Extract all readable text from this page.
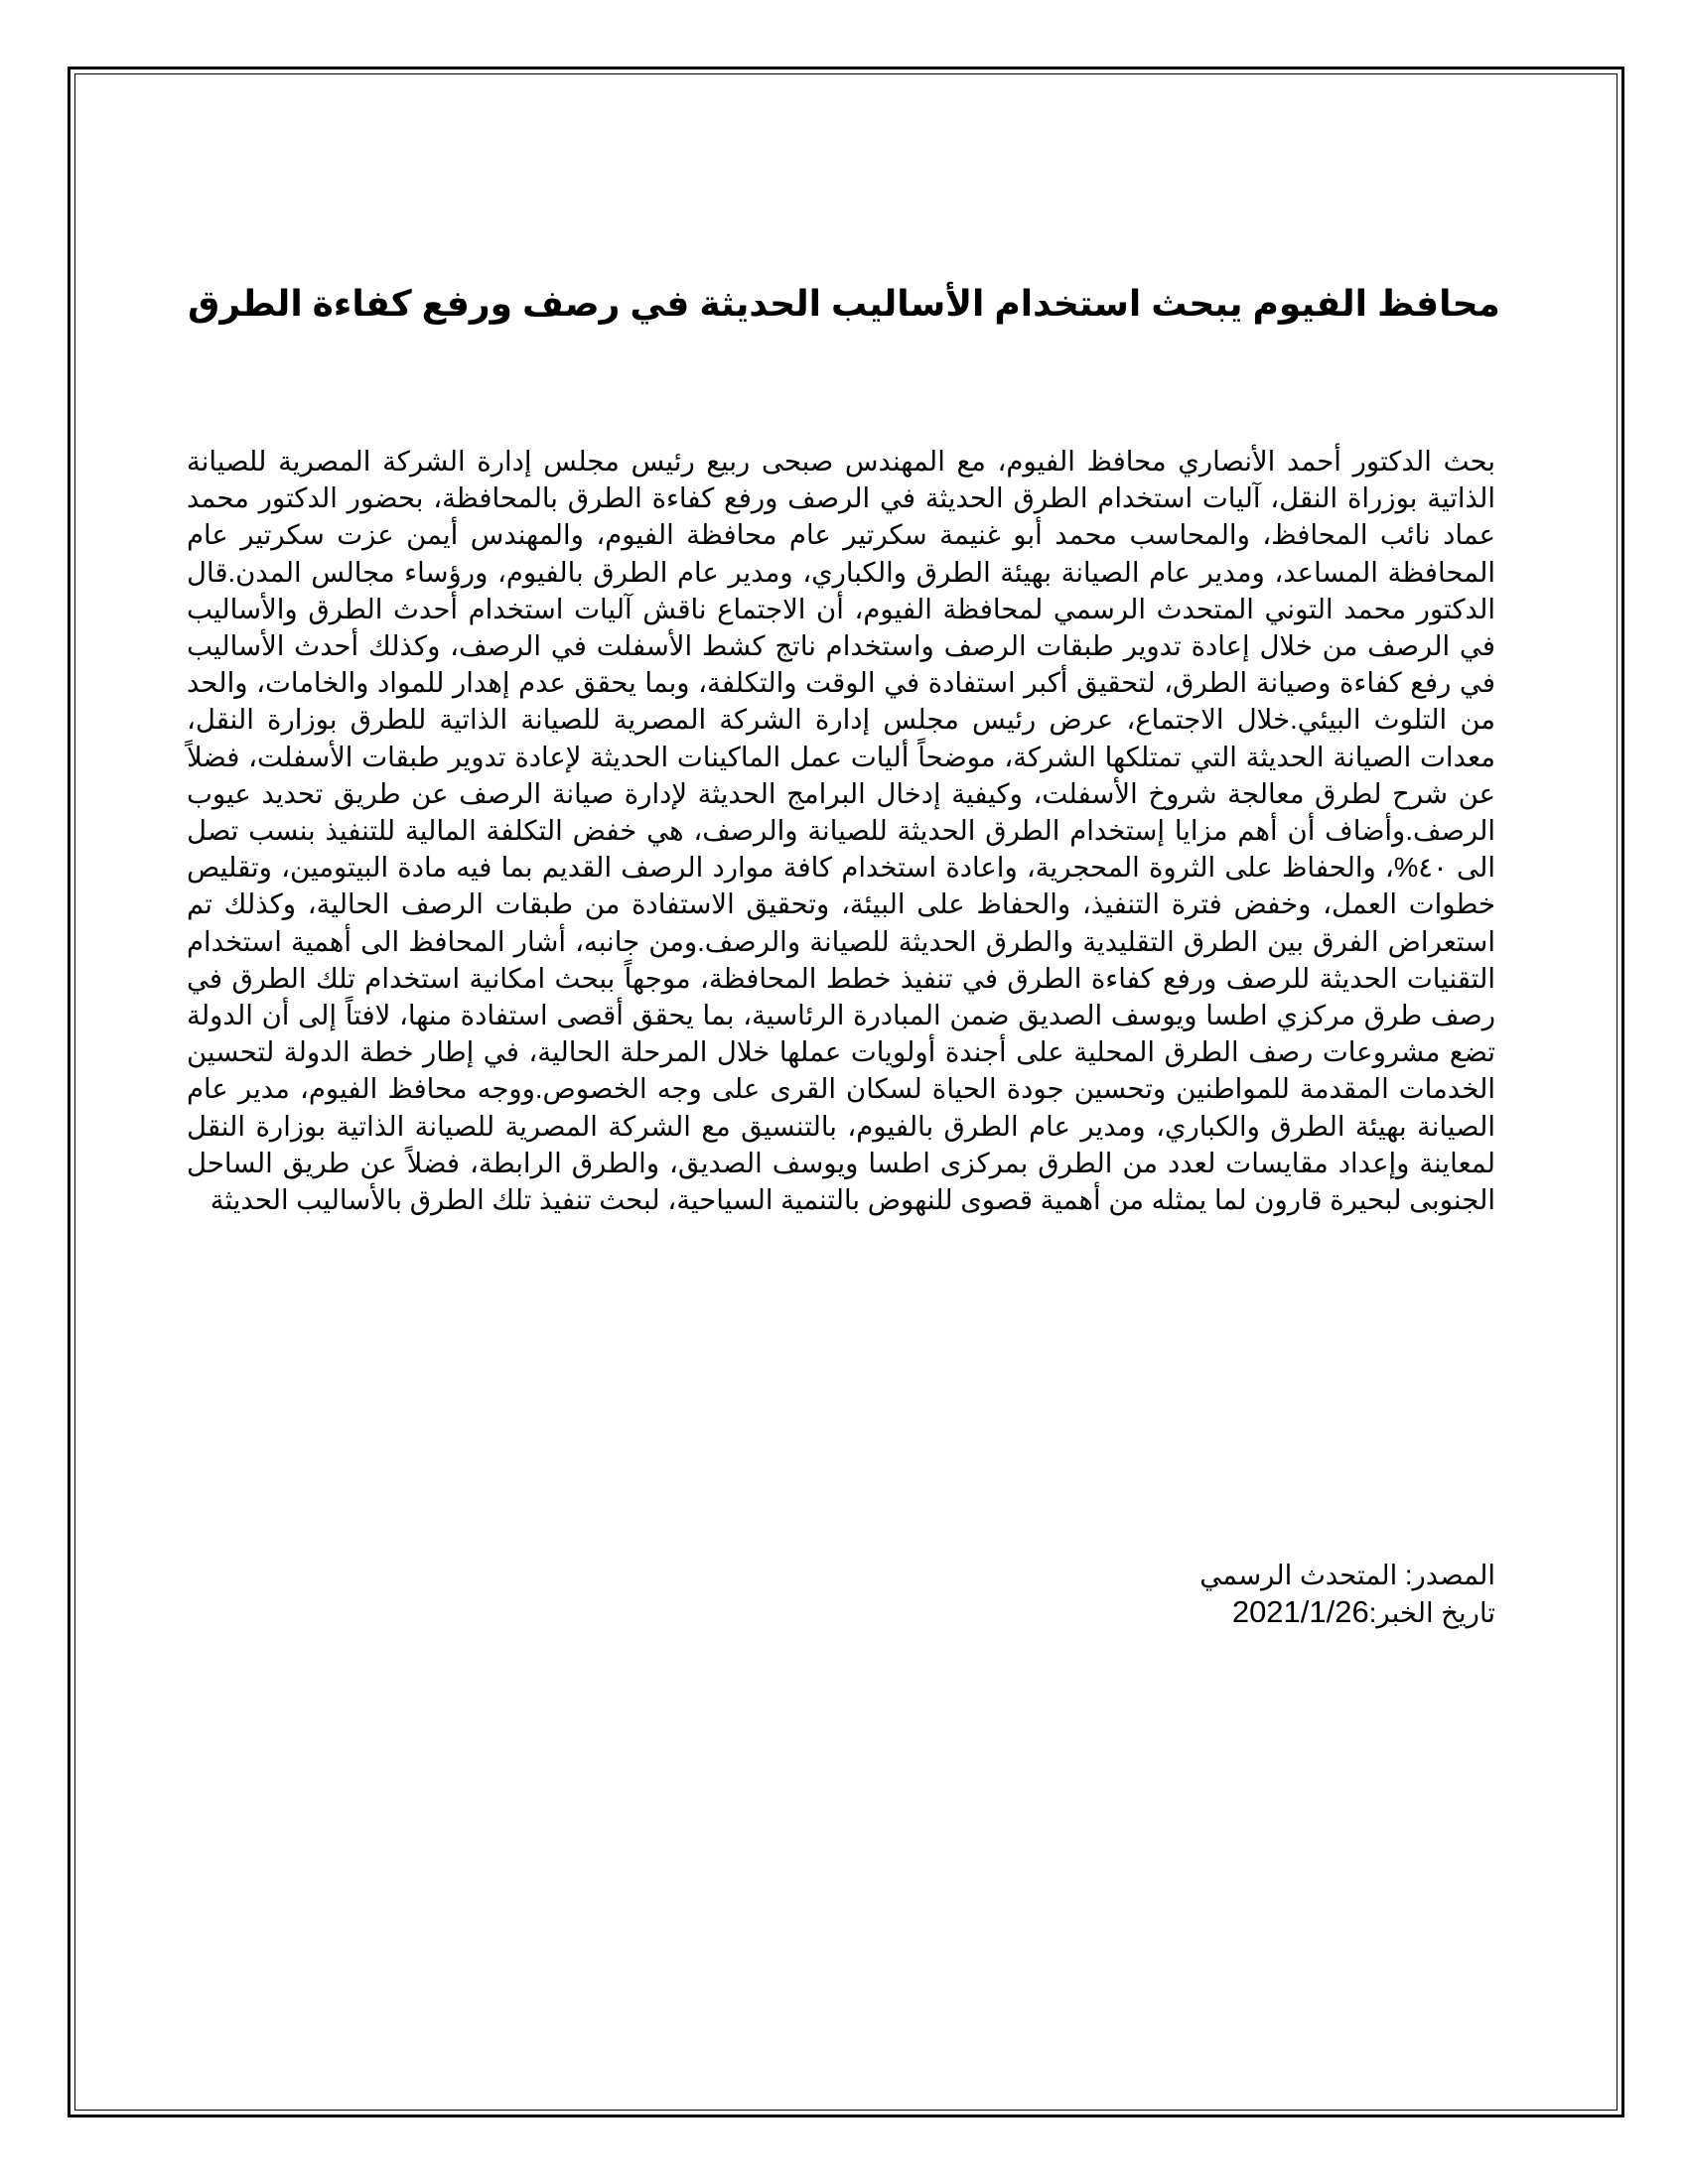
محافظ الفيوم يبحث استخدام الأساليب الحديثة في رصف ورفع كفاءة الطرق

بحث الدكتور أحمد الأنصاري محافظ الفيوم، مع المهندس صبحى ربيع رئيس مجلس إدارة الشركة المصرية للصيانة الذاتية بوزراة النقل، آليات استخدام الطرق الحديثة في الرصف ورفع كفاءة الطرق بالمحافظة، بحضور الدكتور محمد عماد نائب المحافظ، والمحاسب محمد أبو غنيمة سكرتير عام محافظة الفيوم، والمهندس أيمن عزت سكرتير عام المحافظة المساعد، ومدير عام الصيانة بهيئة الطرق والكباري، ومدير عام الطرق بالفيوم، ورؤساء مجالس المدن.قال الدكتور محمد التوني المتحدث الرسمي لمحافظة الفيوم، أن الاجتماع ناقش آليات استخدام أحدث الطرق والأساليب في الرصف من خلال إعادة تدوير طبقات الرصف واستخدام ناتج كشط الأسفلت في الرصف، وكذلك أحدث الأساليب في رفع كفاءة وصيانة الطرق، لتحقيق أكبر استفادة في الوقت والتكلفة، وبما يحقق عدم إهدار للمواد والخامات، والحد من التلوث البيئي.خلال الاجتماع، عرض رئيس مجلس إدارة الشركة المصرية للصيانة الذاتية للطرق بوزارة النقل، معدات الصيانة الحديثة التي تمتلكها الشركة، موضحاً أليات عمل الماكينات الحديثة لإعادة تدوير طبقات الأسفلت، فضلاً عن شرح لطرق معالجة شروخ الأسفلت، وكيفية إدخال البرامج الحديثة لإدارة صيانة الرصف عن طريق تحديد عيوب الرصف.وأضاف أن أهم مزايا إستخدام الطرق الحديثة للصيانة والرصف، هي خفض التكلفة المالية للتنفيذ بنسب تصل الى ٤٠%، والحفاظ على الثروة المحجرية، واعادة استخدام كافة موارد الرصف القديم بما فيه مادة البيتومين، وتقليص خطوات العمل، وخفض فترة التنفيذ، والحفاظ على البيئة، وتحقيق الاستفادة من طبقات الرصف الحالية، وكذلك تم استعراض الفرق بين الطرق التقليدية والطرق الحديثة للصيانة والرصف.ومن جانبه، أشار المحافظ الى أهمية استخدام التقنيات الحديثة للرصف ورفع كفاءة الطرق في تنفيذ خطط المحافظة، موجهاً ببحث امكانية استخدام تلك الطرق في رصف طرق مركزي اطسا ويوسف الصديق ضمن المبادرة الرئاسية، بما يحقق أقصى استفادة منها، لافتاً إلى أن الدولة تضع مشروعات رصف الطرق المحلية على أجندة أولويات عملها خلال المرحلة الحالية، في إطار خطة الدولة لتحسين الخدمات المقدمة للمواطنين وتحسين جودة الحياة لسكان القرى على وجه الخصوص.ووجه محافظ الفيوم، مدير عام الصيانة بهيئة الطرق والكباري، ومدير عام الطرق بالفيوم، بالتنسيق مع الشركة المصرية للصيانة الذاتية بوزارة النقل لمعاينة وإعداد مقايسات لعدد من الطرق بمركزى اطسا ويوسف الصديق، والطرق الرابطة، فضلاً عن طريق الساحل الجنوبى لبحيرة قارون لما يمثله من أهمية قصوى للنهوض بالتنمية السياحية، لبحث تنفيذ تلك الطرق بالأساليب الحديثة

المصدر: المتحدث الرسمي
تاريخ الخبر:2021/1/26
